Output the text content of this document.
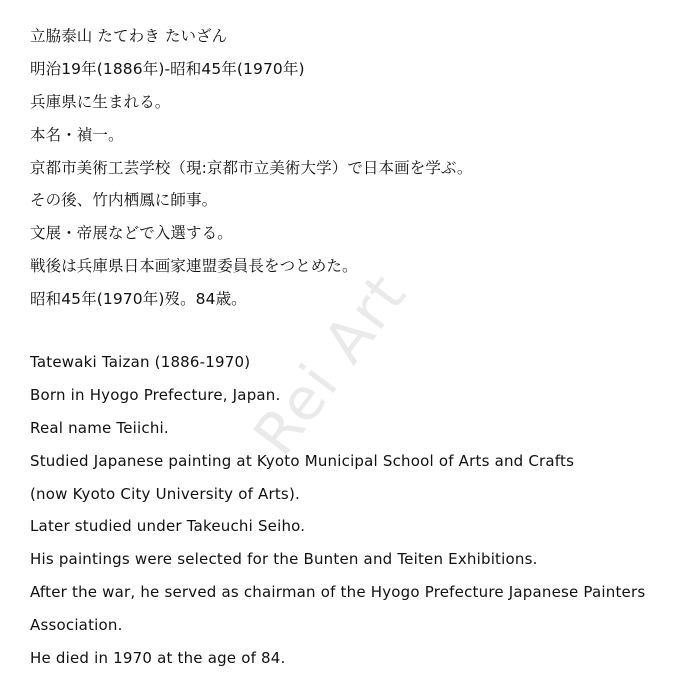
Rei Art
立脇泰山 たてわき たいざん
明治19年(1886年)-昭和45年(1970年)
兵庫県に生まれる。
本名・禎一。
京都市美術工芸学校（現:京都市立美術大学）で日本画を学ぶ。
その後、竹内栖鳳に師事。
文展・帝展などで入選する。
戦後は兵庫県日本画家連盟委員長をつとめた。
昭和45年(1970年)歿。84歳。
Tatewaki Taizan (1886-1970)
Born in Hyogo Prefecture, Japan.
Real name Teiichi.
Studied Japanese painting at Kyoto Municipal School of Arts and Crafts
(now Kyoto City University of Arts).
Later studied under Takeuchi Seiho.
His paintings were selected for the Bunten and Teiten Exhibitions.
After the war, he served as chairman of the Hyogo Prefecture Japanese Painters
Association.
He died in 1970 at the age of 84.
